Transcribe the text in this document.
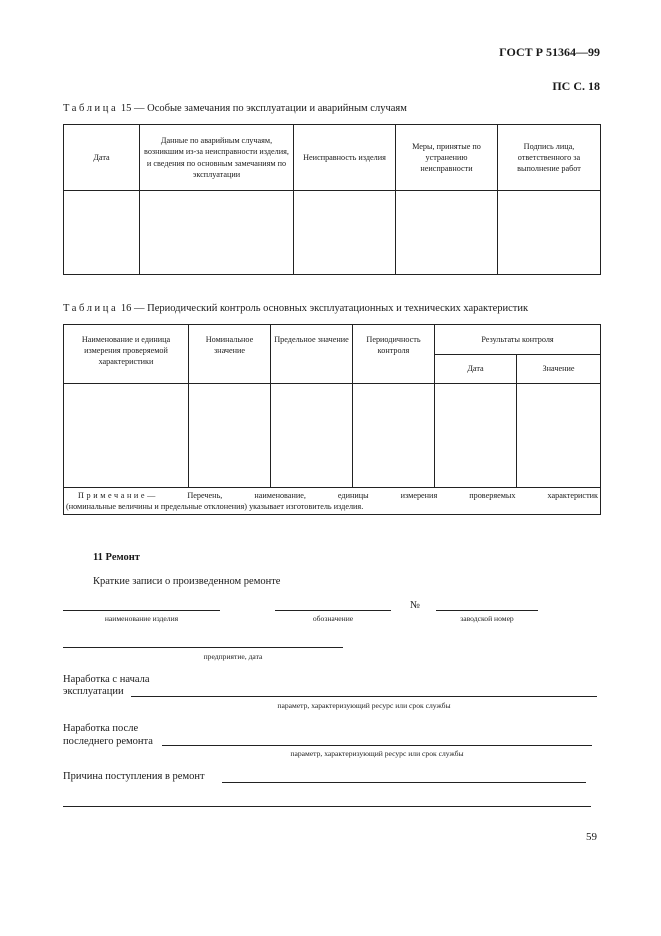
ГОСТ Р 51364—99
ПС С. 18
Таблица 15 — Особые замечания по эксплуатации и аварийным случаям
Дата	Данные по аварийным случаям, возникшим из-за неисправности изделия, и сведения по основным замечаниям по эксплуатации	Неисправность изделия	Меры, принятые по устранению неисправности	Подпись лица, ответственного за выполнение работ

Таблица 16 — Периодический контроль основных эксплуатационных и технических характеристик
Наименование и единица измерения проверяемой характеристики	Номинальное значение	Предельное значение	Периодичность контроля	Результаты контроля	
				Дата	Значение

Примечание— Перечень, наименование, единицы измерения проверяемых характеристик
(номинальные величины и предельные отклонения) указывает изготовитель изделия.					
11 Ремонт
Краткие записи о произведенном ремонте
наименование изделия	обозначение
№
заводской номер
предприятие, дата
Наработка с начала
эксплуатации
параметр, характеризующий ресурс или срок службы
Наработка после
последнего ремонта
параметр, характеризующий ресурс или срок службы
Причина поступления в ремонт
59
